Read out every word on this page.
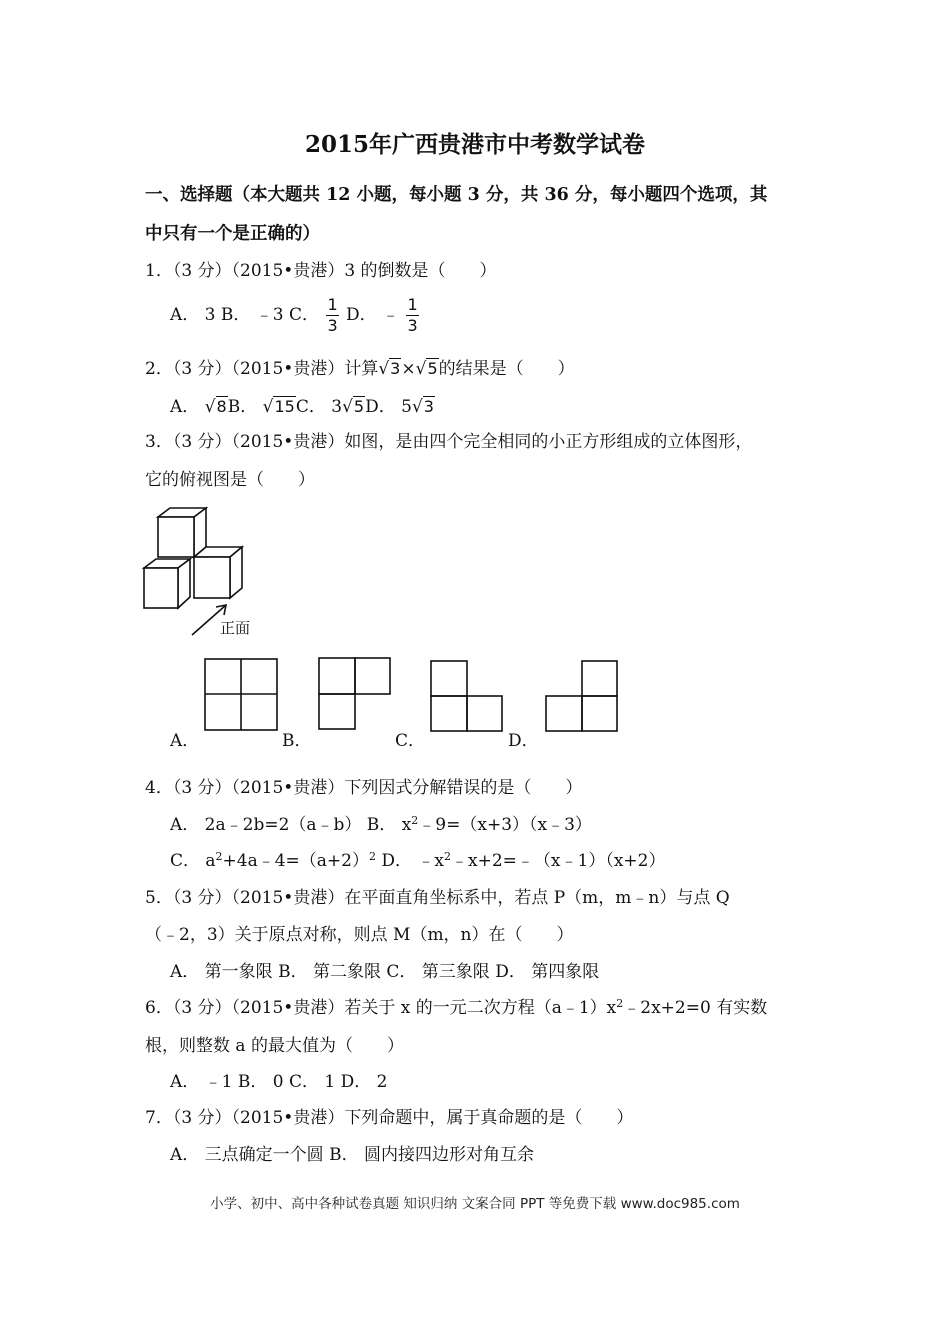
2015年广西贵港市中考数学试卷
一、选择题（本大题共 12 小题，每小题 3 分，共 36 分，每小题四个选项，其
中只有一个是正确的）
1．（3 分）（2015•贵港）3 的倒数是（　　）
A． 3 B． ﹣3 C． $\frac{1}{3}$ D． ﹣ $\frac{1}{3}$
2．（3 分）（2015•贵港）计算√3×√5的结果是（　　）
A． √8B． √15C． 3√5D． 5√3
3．（3 分）（2015•贵港）如图，是由四个完全相同的小正方形组成的立体图形，
它的俯视图是（　　）
正面
A．	B．	C．	D．
4．（3 分）（2015•贵港）下列因式分解错误的是（　　）
A． 2a﹣2b=2（a﹣b） B． $x^2﹣9=(x+3)(x﹣3)$
C． $a^2+4a﹣4=(a+2)^2$ D． $﹣x^2﹣x+2=﹣(x﹣1)(x+2)$
5．（3 分）（2015•贵港）在平面直角坐标系中，若点 P（m，m﹣n）与点 Q
（﹣2，3）关于原点对称，则点 M（m，n）在（　　）
A． 第一象限 B． 第二象限 C． 第三象限 D． 第四象限
6．（3 分）（2015•贵港）若关于 x 的一元二次方程$(a﹣1)x^2﹣2x+2=0$ 有实数
根，则整数 a 的最大值为（　　）
A． ﹣1 B． 0 C． 1 D． 2
7．（3 分）（2015•贵港）下列命题中，属于真命题的是（　　）
A． 三点确定一个圆 B． 圆内接四边形对角互余
小学、初中、高中各种试卷真题 知识归纳 文案合同 PPT 等免费下载 www.doc985.com
